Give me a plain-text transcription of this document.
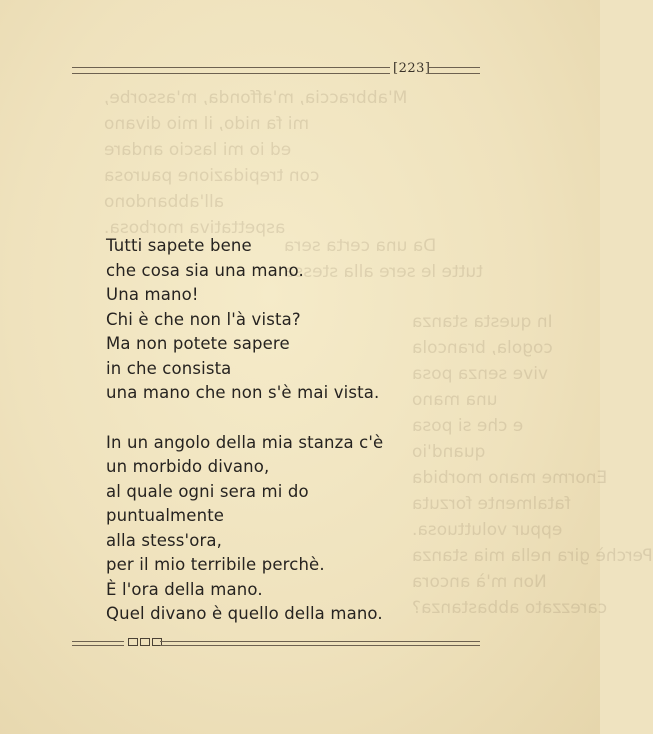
M'abbraccia, m'affonda, m'assorbe,
mi fa nido, il mio divano
ed io mi lascio andare
con trepidazione paurosa
all'abbandono
aspettativa morbosa.
Da una certa sera
tutte le sere alla stessa
In questa stanza
cogola, brancola
vive senza posa
una mano
e che si posa
quand'io
Enorme mano morbida
fatalmente forzuta
eppur voluttuosa.
Perchè gira nella mia stanza
Non m'à ancora
carezzato abbastanza?
[223]

Tutti sapete bene
che cosa sia una mano.
Una mano!
Chi è che non l'à vista?
Ma non potete sapere
in che consista
una mano che non s'è mai vista.

In un angolo della mia stanza c'è
un morbido divano,
al quale ogni sera mi do
puntualmente
alla stess'ora,
per il mio terribile perchè.
È l'ora della mano.
Quel divano è quello della mano.
